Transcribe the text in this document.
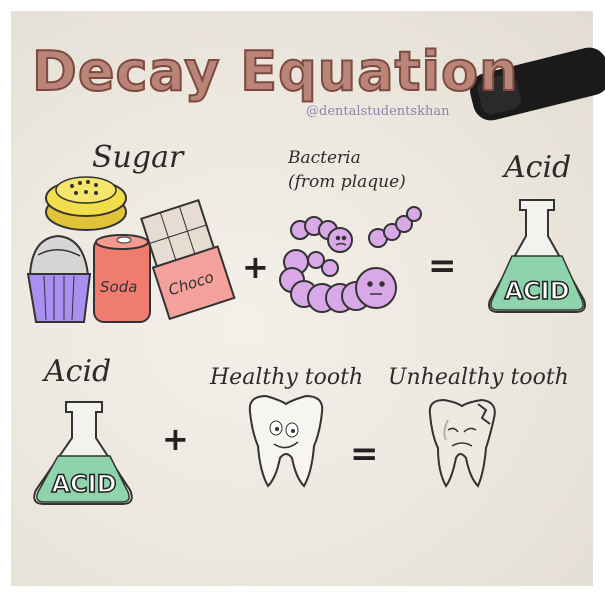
Soda Choco	ACID
ACID
Decay Equation
@dentalstudentskhan
Sugar	Bacteria
(from plaque)	Acid
+	=
Acid
+
Healthy tooth
=
Unhealthy tooth
